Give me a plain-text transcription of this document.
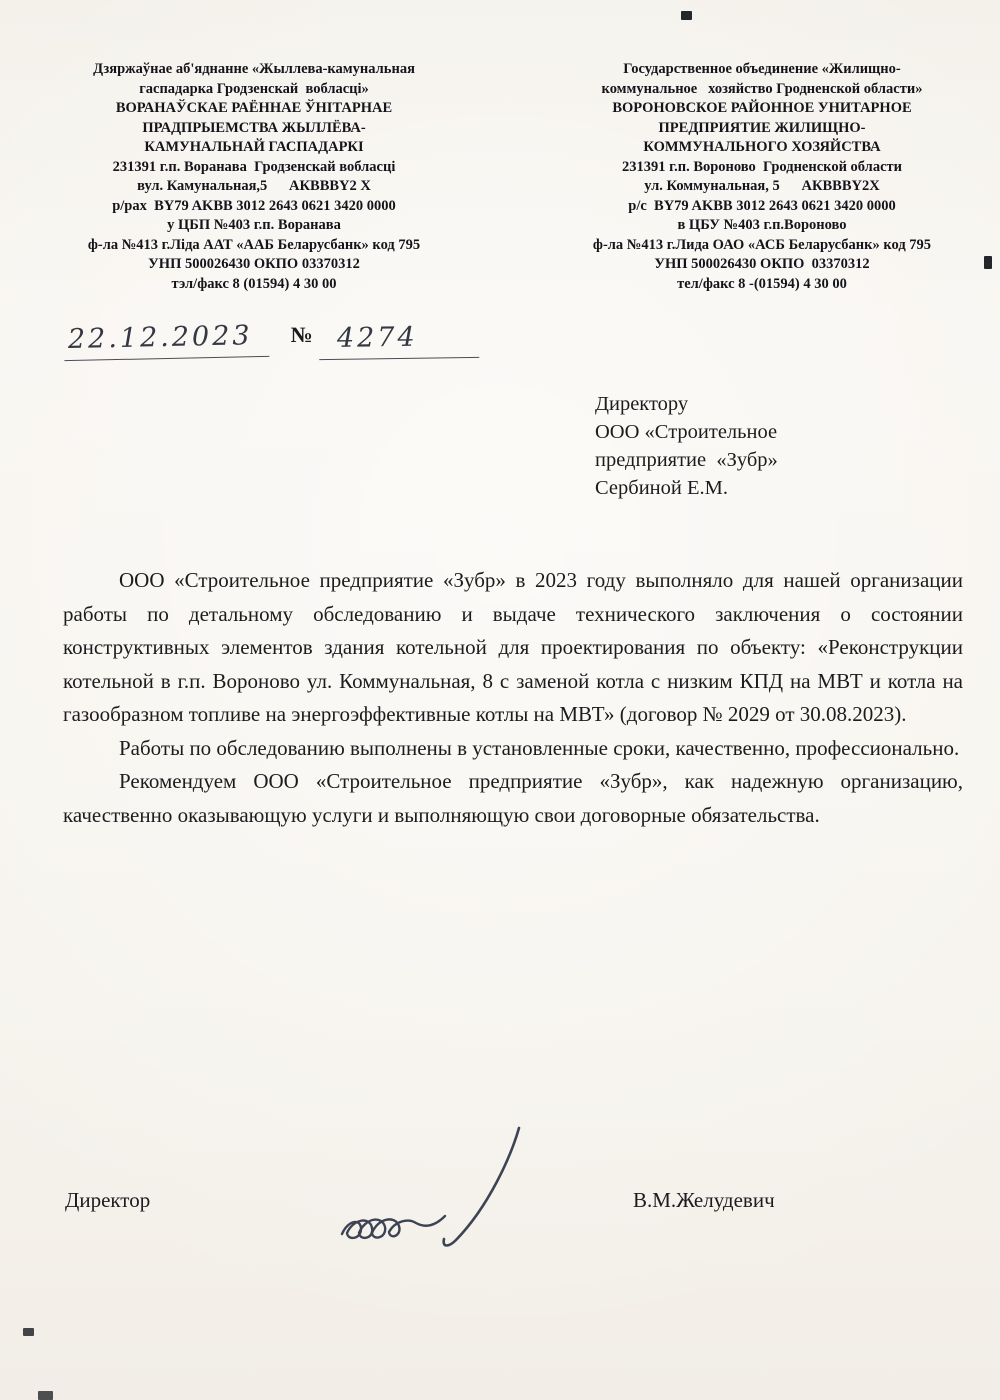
Дзяржаўнае аб'яднанне «Жыллева-камунальная
гаспадарка Гродзенскай  вобласці»
ВОРАНАЎСКАЕ РАЁННАЕ ЎНІТАРНАЕ
ПРАДПРЫЕМСТВА ЖЫЛЛЁВА-
КАМУНАЛЬНАЙ ГАСПАДАРКІ
231391 г.п. Воранава  Гродзенскай вобласці
вул. Камунальная,5      АКВВВY2 Х
р/рах  BY79 AKBB 3012 2643 0621 3420 0000
у ЦБП №403 г.п. Воранава
ф-ла №413 г.Ліда ААТ «ААБ Беларусбанк» код 795
УНП 500026430 ОКПО 03370312
тэл/факс 8 (01594) 4 30 00
Государственное объединение «Жилищно-
коммунальное   хозяйство Гродненской области»
ВОРОНОВСКОЕ РАЙОННОЕ УНИТАРНОЕ
ПРЕДПРИЯТИЕ ЖИЛИЩНО-
КОММУНАЛЬНОГО ХОЗЯЙСТВА
231391 г.п. Вороново  Гродненской области
ул. Коммунальная, 5      АКВВВY2Х
р/с  BY79 AKBB 3012 2643 0621 3420 0000
в ЦБУ №403 г.п.Вороново
ф-ла №413 г.Лида ОАО «АСБ Беларусбанк» код 795
УНП 500026430 ОКПО  03370312
тел/факс 8 -(01594) 4 30 00
22.12.2023 № 4274
Директору
ООО «Строительное
предприятие  «Зубр»
Сербиной Е.М.

ООО «Строительное предприятие «Зубр» в 2023 году выполняло для нашей организации работы по детальному обследованию и выдаче технического заключения о состоянии конструктивных элементов здания котельной для проектирования по объекту: «Реконструкции котельной в г.п. Вороново ул. Коммунальная, 8 с заменой котла с низким КПД на МВТ и котла на газообразном топливе на энергоэффективные котлы на МВТ» (договор № 2029 от 30.08.2023).

Работы по обследованию выполнены в установленные сроки, качественно, профессионально.

Рекомендуем ООО «Строительное предприятие «Зубр», как надежную организацию, качественно оказывающую услуги и выполняющую свои договорные обязательства.

Директор	В.М.Желудевич
